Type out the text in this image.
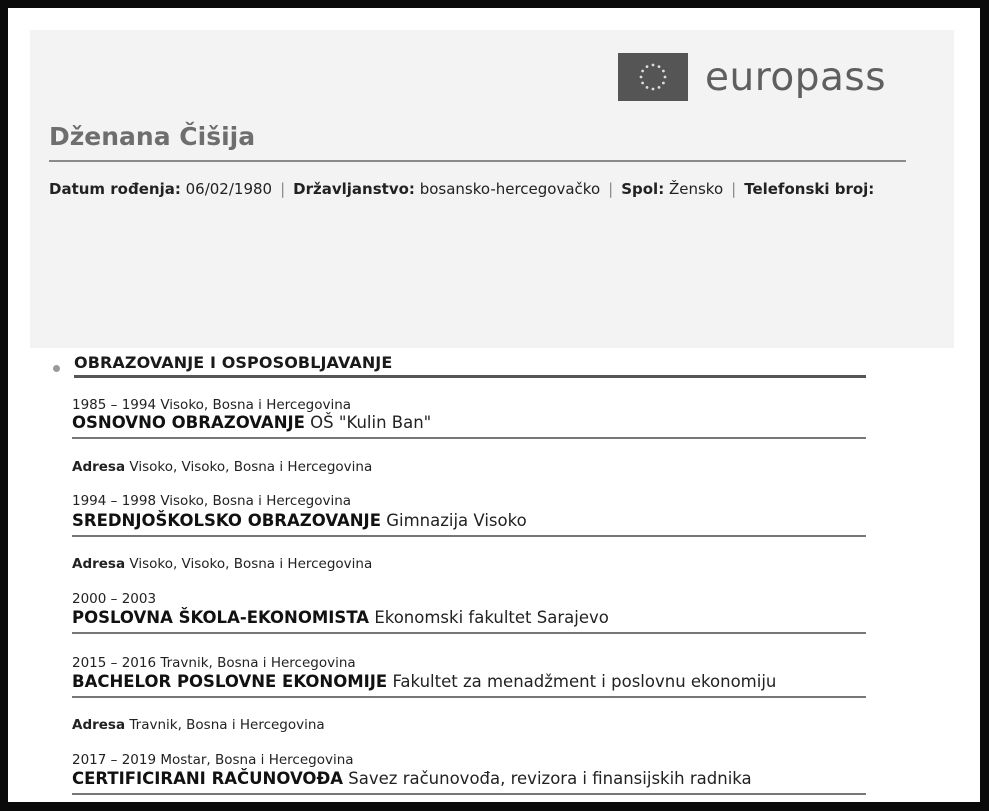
europass
Dženana Čišija
Datum rođenja: 06/02/1980 | Državljanstvo: bosansko-hercegovačko | Spol: Žensko | Telefonski broj:
OBRAZOVANJE I OSPOSOBLJAVANJE
1985 – 1994 Visoko, Bosna i Hercegovina
OSNOVNO OBRAZOVANJE OŠ "Kulin Ban"
Adresa Visoko, Visoko, Bosna i Hercegovina
1994 – 1998 Visoko, Bosna i Hercegovina
SREDNJOŠKOLSKO OBRAZOVANJE Gimnazija Visoko
Adresa Visoko, Visoko, Bosna i Hercegovina
2000 – 2003
POSLOVNA ŠKOLA-EKONOMISTA Ekonomski fakultet Sarajevo
2015 – 2016 Travnik, Bosna i Hercegovina
BACHELOR POSLOVNE EKONOMIJE Fakultet za menadžment i poslovnu ekonomiju
Adresa Travnik, Bosna i Hercegovina
2017 – 2019 Mostar, Bosna i Hercegovina
CERTIFICIRANI RAČUNOVOĐA Savez računovođa, revizora i finansijskih radnika
